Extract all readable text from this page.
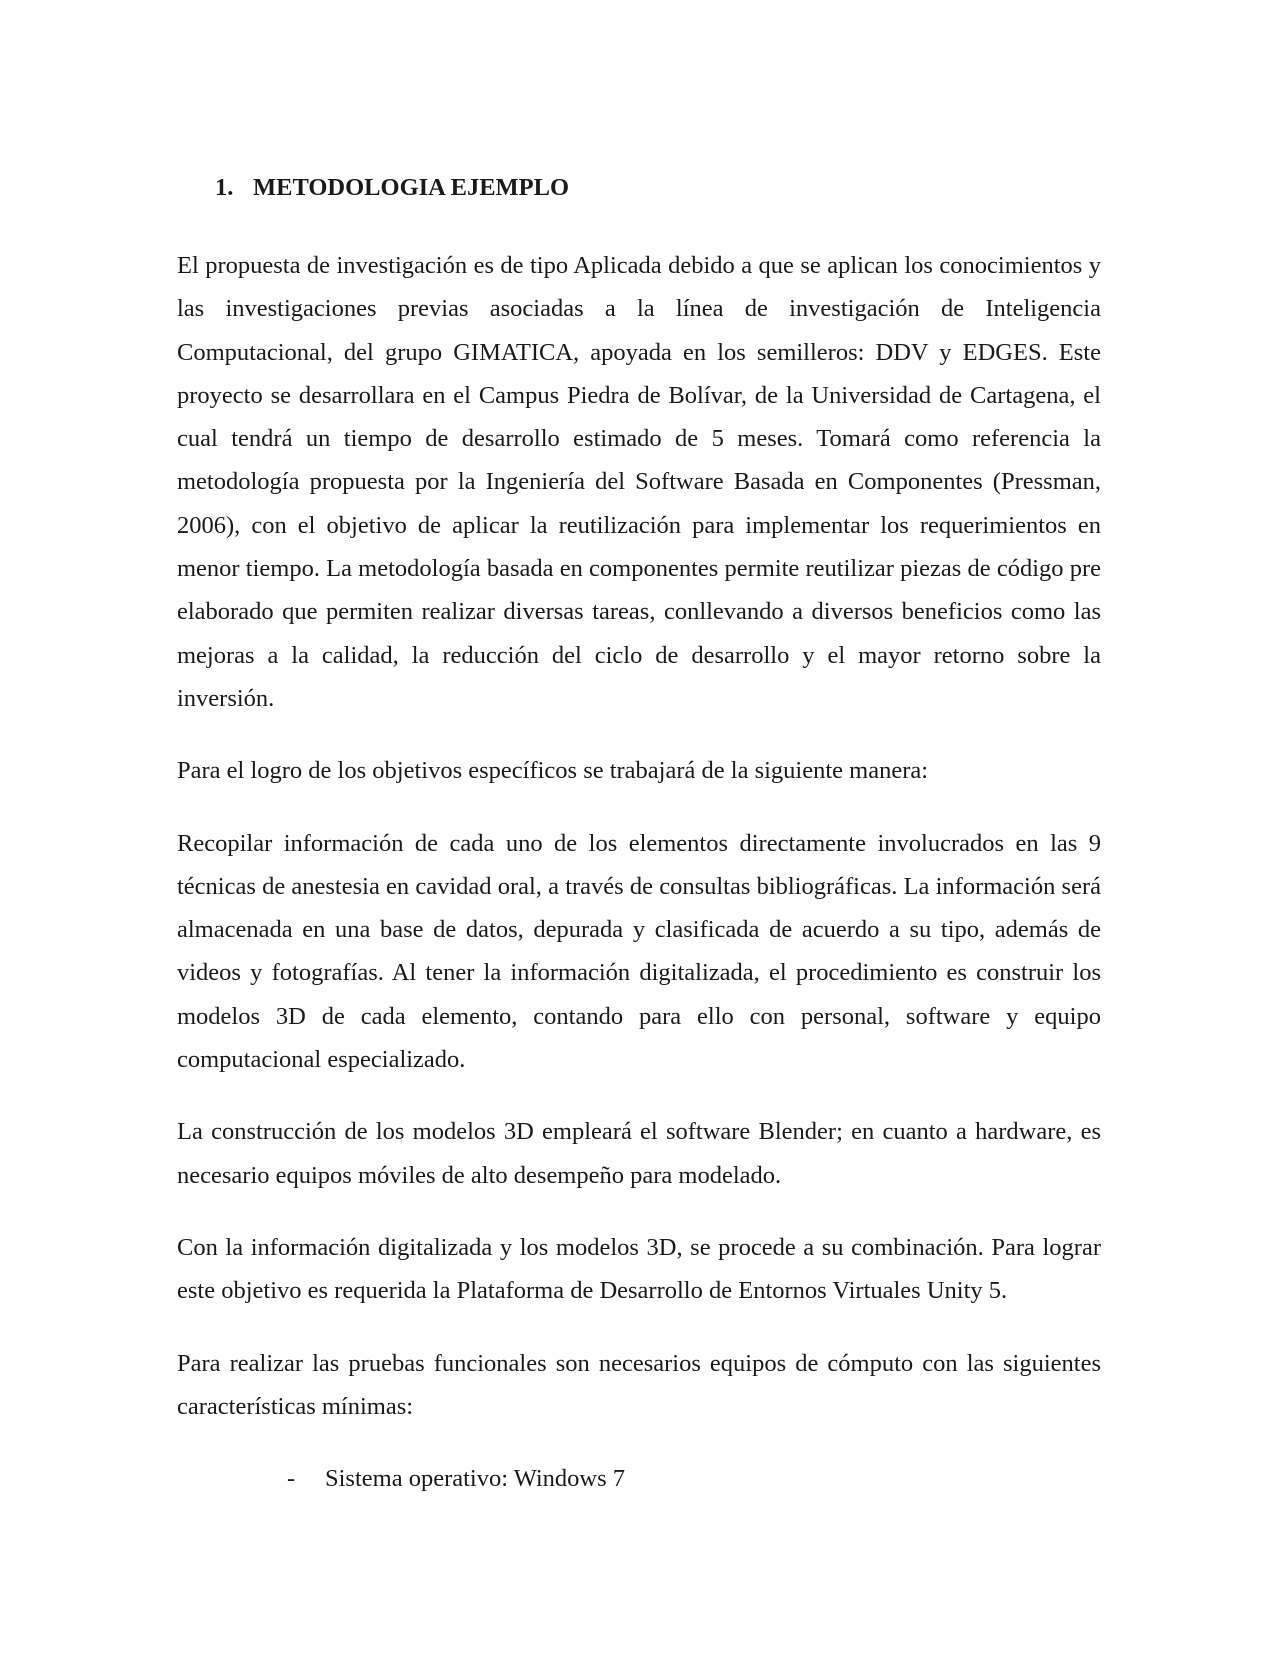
1. METODOLOGIA EJEMPLO

El propuesta de investigación es de tipo Aplicada debido a que se aplican los conocimientos y las investigaciones previas asociadas a la línea de investigación de Inteligencia Computacional, del grupo GIMATICA, apoyada en los semilleros: DDV y EDGES. Este proyecto se desarrollara en el Campus Piedra de Bolívar, de la Universidad de Cartagena, el cual tendrá un tiempo de desarrollo estimado de 5 meses. Tomará como referencia la metodología propuesta por la Ingeniería del Software Basada en Componentes (Pressman, 2006), con el objetivo de aplicar la reutilización para implementar los requerimientos en menor tiempo. La metodología basada en componentes permite reutilizar piezas de código pre elaborado que permiten realizar diversas tareas, conllevando a diversos beneficios como las mejoras a la calidad, la reducción del ciclo de desarrollo y el mayor retorno sobre la inversión.

Para el logro de los objetivos específicos se trabajará de la siguiente manera:

Recopilar información de cada uno de los elementos directamente involucrados en las 9 técnicas de anestesia en cavidad oral, a través de consultas bibliográficas. La información será almacenada en una base de datos, depurada y clasificada de acuerdo a su tipo, además de videos y fotografías. Al tener la información digitalizada, el procedimiento es construir los modelos 3D de cada elemento, contando para ello con personal, software y equipo computacional especializado.

La construcción de los modelos 3D empleará el software Blender; en cuanto a hardware, es necesario equipos móviles de alto desempeño para modelado.

Con la información digitalizada y los modelos 3D, se procede a su combinación. Para lograr este objetivo es requerida la Plataforma de Desarrollo de Entornos Virtuales Unity 5.

Para realizar las pruebas funcionales son necesarios equipos de cómputo con las siguientes características mínimas:

-	Sistema operativo: Windows 7
